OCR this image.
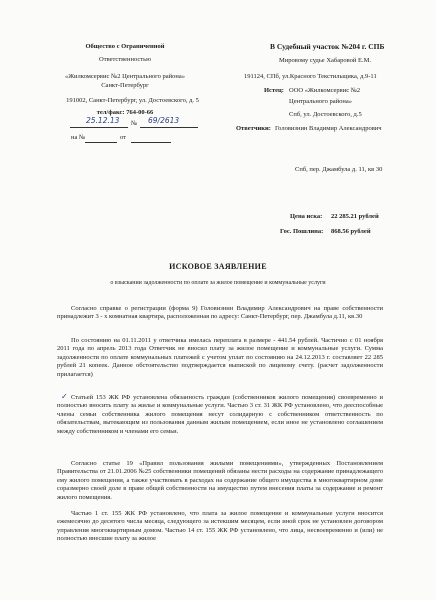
Общество с Ограниченной
Ответственностью
«Жилкомсервис №2 Центрального района»
Санкт-Петербург
191002, Санкт-Петербург, ул. Достоевского, д. 5
тел/факс: 764-00-66
25.12.13 № 69/2613
на №	от
В Судебный участок №204 г. СПБ
Мировому судье Хабаровой Е.М.
191124, СПб, ул.Красного Текстильщика, д.9-11
Истец: ООО «Жилкомсервис №2
Центрального района»
Спб, ул. Достоевского, д.5
Ответчики: Головизнин Владимир Александрович
Спб, пер. Джамбула д. 11, кв 30
Цена иска: 22 285.21 рублей
Гос. Пошлина: 868.56 рублей
ИСКОВОЕ ЗАЯВЛЕНИЕ
о взыскании задолженности по оплате за жилое помещение и коммунальные услуги
Согласно справке о регистрации (форма 9) Головизнин Владимир Александрович на праве собственности принадлежит 3 - х комнатная квартира, расположенная по адресу: Санкт-Петербург, пер. Джамбула д.11, кв.30
По состоянию на 01.11.2011 у ответчика имелась переплата в размере - 441.54 рублей. Частично с 01 ноября 2011 года по апрель 2013 года Ответчик не вносил плату за жилое помещение и коммунальные услуги. Сумма задолженности по оплате коммунальных платежей с учетом уплат по состоянию на 24.12.2013 г. составляет 22 285 рублей 21 копеек. Данное обстоятельство подтверждается выпиской по лицевому счету. (расчет задолженности прилагается)
Статьей 153 ЖК РФ установлена обязанность граждан (собственников жилого помещения) своевременно и полностью вносить плату за жилье и коммунальные услуги. Частью 3 ст. 31 ЖК РФ установлено, что дееспособные члены семьи собственника жилого помещения несут солидарную с собственником ответственность по обязательствам, вытекающим из пользования данным жилым помещением, если иное не установлено соглашением между собственником и членами его семьи.
✓
Согласно статье 19 «Правил пользования жилыми помещениями», утвержденных Постановлением Правительства от 21.01.2006 №25 собственники помещений обязаны нести расходы на содержание принадлежащего ему жилого помещения, а также участвовать в расходах на содержание общего имущества в многоквартирном доме соразмерно своей доле в праве общей собственности на имущество путем внесения платы за содержание и ремонт жилого помещения.
Частью 1 ст. 155 ЖК РФ установлено, что плата за жилое помещение и коммунальные услуги вносится ежемесячно до десятого числа месяца, следующего за истекшим месяцем, если иной срок не установлен договором управления многоквартирным домом. Частью 14 ст. 155 ЖК РФ установлено, что лица, несвоевременно и (или) не полностью внесшие плату за жилое
